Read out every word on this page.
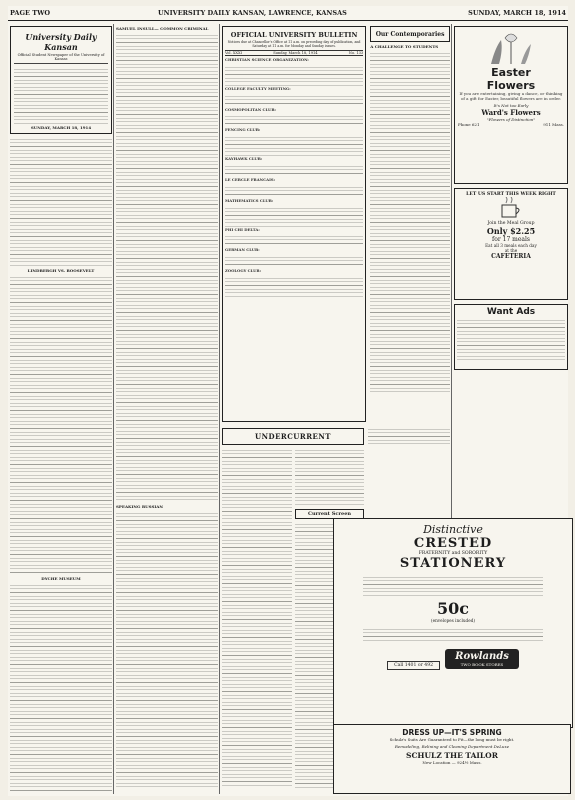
PAGE TWO	UNIVERSITY DAILY KANSAN, LAWRENCE, KANSAS	SUNDAY, MARCH 18, 1914
University Daily Kansan
Official Student Newspaper of the University of Kansas
SUNDAY, MARCH 18, 1914
LINDBERGH VS. ROOSEVELT
DYCHE MUSEUM
SAMUEL INSULL— COMMON CRIMINAL
SPEAKING RUSSIAN
OFFICIAL UNIVERSITY BULLETIN
Notices due at Chancellor's Office at 11 a.m. on preceding day of publication, and Saturday at 11 a.m. for Monday and Sunday issues.
Vol. XXXI	Sunday, March 18, 1914	No. 133
CHRISTIAN SCIENCE ORGANIZATION:
COLLEGE FACULTY MEETING:
COSMOPOLITAN CLUB:
FENCING CLUB:
KAYHAWK CLUB:
LE CERCLE FRANCAIS:
MATHEMATICS CLUB:
PHI CHI DELTA:
GERMAN CLUB:
ZOOLOGY CLUB:
Our Contemporaries
A CHALLENGE TO STUDENTS
UNDERCURRENT
Current Screen
Easter
Flowers
If you are entertaining, giving a dance, or thinking of a gift for Easter, beautiful flowers are in order.
It's Not too Early
Ward's Flowers
"Flowers of Distinction"
Phone 621	911 Mass.
LET US START THIS WEEK RIGHT
Join the Meal Group
Only $2.25
for 17 meals
Eat all 3 meals each day
at the
CAFETERIA
Want Ads
Distinctive
CRESTED
FRATERNITY and SORORITY
STATIONERY
50c
(envelopes included)
Call 1401 or 492
Rowlands
TWO BOOK STORES
DRESS UP—IT'S SPRING
Schulz's Suits Are Guaranteed to Fit—the long must be right.
Remodeling, Relining and Cleaning Department DeLuxe
SCHULZ THE TAILOR
New Location — 924½ Mass.
